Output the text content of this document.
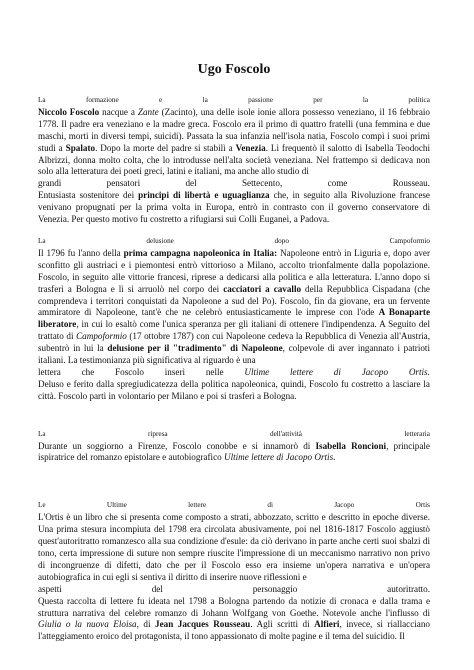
Ugo Foscolo
La	formazione	e	la	passione	per	la	politica

Niccolo Foscolo nacque a Zante (Zacinto), una delle isole ionie allora possesso veneziano, il 16 febbraio 1778. Il padre era veneziano e la madre greca. Foscolo era il primo di quattro fratelli (una femmina e due maschi, morti in diversi tempi, suicidi). Passata la sua infanzia nell'isola natia, Foscolo compì i suoi primi studi a Spalato. Dopo la morte del padre si stabilì a Venezia. Lì frequentò il salotto di Isabella Teodochi Albrizzi, donna molto colta, che lo introdusse nell'alta società veneziana. Nel frattempo si dedicava non solo alla letteratura dei poeti greci, latini e italiani, ma anche allo studio di

grandi	pensatori	del	Settecento,	come	Rousseau.

Entusiasta sostenitore dei principi di libertà e uguaglianza che, in seguito alla Rivoluzione francese venivano propugnati per la prima volta in Europa, entrò in contrasto con il governo conservatore di Venezia. Per questo motivo fu costretto a rifugiarsi sui Colli Euganei, a Padova.

La	delusione	dopo	Campoformio

Il 1796 fu l'anno della prima campagna napoleonica in Italia: Napoleone entrò in Liguria e, dopo aver sconfitto gli austriaci e i piemontesi entrò vittorioso a Milano, accolto trionfalmente dalla popolazione. Foscolo, in seguito alle vittorie francesi, riprese a dedicarsi alla politica e alla letteratura. L'anno dopo si trasferì a Bologna e lì si arruolò nel corpo dei cacciatori a cavallo della Repubblica Cispadana (che comprendeva i territori conquistati da Napoleone a sud del Po). Foscolo, fin da giovane, era un fervente ammiratore di Napoleone, tant'è che ne celebrò entusiasticamente le imprese con l'ode A Bonaparte liberatore, in cui lo esaltò come l'unica speranza per gli italiani di ottenere l'indipendenza. A Seguito del trattato di Campoformio (17 ottobre 1787) con cui Napoleone cedeva la Repubblica di Venezia all'Austria, subentrò in lui la delusione per il "tradimento" di Napoleone, colpevole di aver ingannato i patrioti italiani. La testimonianza più significativa al riguardo è una

lettera che Foscolo inserì nelle Ultime lettere di Jacopo Ortis.

Deluso e ferito dalla spregiudicatezza della politica napoleonica, quindi, Foscolo fu costretto a lasciare la città. Foscolo partì in volontario per Milano e poi si trasferì a Bologna.

La	ripresa	dell'attività	letteraria

Durante un soggiorno a Firenze, Foscolo conobbe e si innamorò di Isabella Roncioni, principale ispiratrice del romanzo epistolare e autobiografico Ultime lettere di Jacopo Ortis.

Le	Ultime	lettere	di	Jacopo	Ortis

L'Ortis è un libro che si presenta come composto a strati, abbozzato, scritto e descritto in epoche diverse. Una prima stesura incompiuta del 1798 era circolata abusivamente, poi nel 1816-1817 Foscolo aggiustò quest'autoritratto romanzesco alla sua condizione d'esule: da ciò derivano in parte anche certi suoi sbalzi di tono, certa impressione di suture non sempre riuscite l'impressione di un meccanismo narrativo non privo di incongruenze di difetti, dato che per il Foscolo esso era insieme un'opera narrativa e un'opera autobiografica in cui egli si sentiva il diritto di inserire nuove riflessioni e

aspetti	del	personaggio	autoritratto.

Questa raccolta di lettere fu ideata nel 1798 a Bologna partendo da notizie di cronaca e dalla trama e struttura narrativa del celebre romanzo di Johann Wolfgang von Goethe. Notevole anche l'influsso di Giulia o la nuova Eloisa, di Jean Jacques Rousseau. Agli scritti di Alfieri, invece, si riallacciano l'atteggiamento eroico del protagonista, il tono appassionato di molte pagine e il tema del suicidio. Il
